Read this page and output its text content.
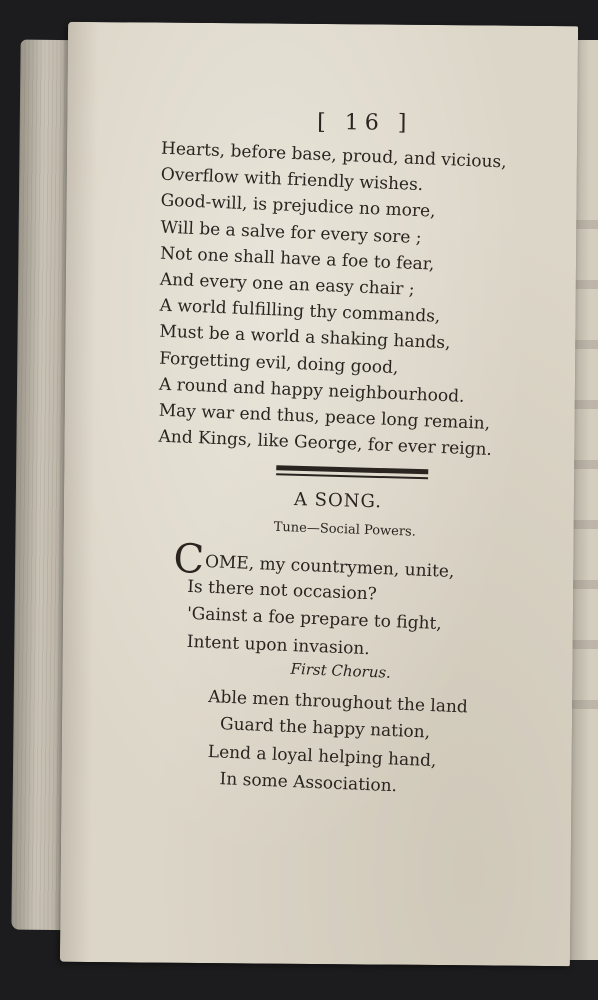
[ 16 ]
Hearts, before base, proud, and vicious,
Overflow with friendly wishes.
Good-will, is prejudice no more,
Will be a salve for every sore ;
Not one shall have a foe to fear,
And every one an easy chair ;
A world fulfilling thy commands,
Must be a world a shaking hands,
Forgetting evil, doing good,
A round and happy neighbourhood.
May war end thus, peace long remain,
And Kings, like George, for ever reign.
A SONG.
Tune—Social Powers.
COME, my countrymen, unite,
Is there not occasion?
'Gainst a foe prepare to fight,
Intent upon invasion.
First Chorus.
Able men throughout the land
Guard the happy nation,
Lend a loyal helping hand,
In some Association.
